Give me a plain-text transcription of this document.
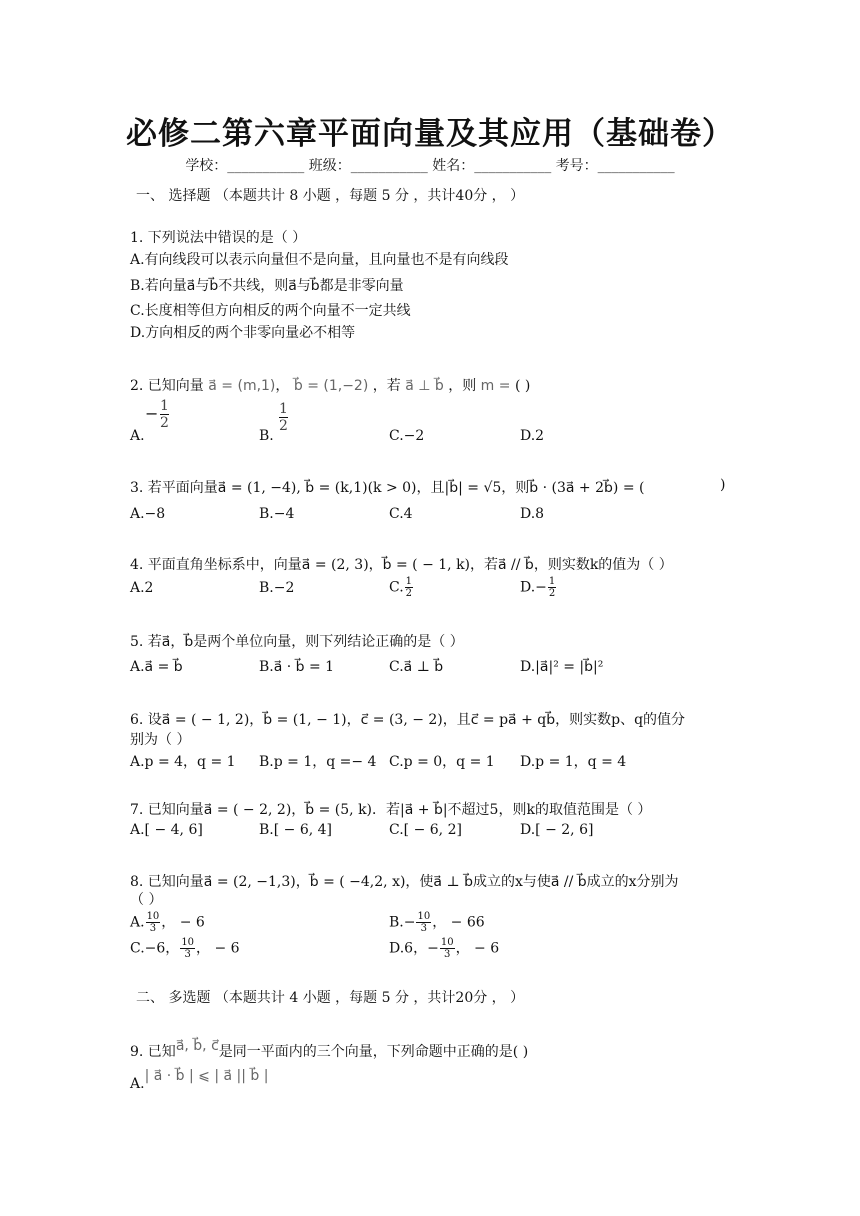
必修二第六章平面向量及其应用（基础卷）
学校：___________ 班级：___________ 姓名：___________ 考号：___________
一、 选择题 （本题共计 8 小题 ，每题 5 分 ，共计40分 ， ）
1. 下列说法中错误的是（ ）
A.有向线段可以表示向量但不是向量，且向量也不是有向线段
B.若向量a⃗与b⃗不共线，则a⃗与b⃗都是非零向量
C.长度相等但方向相反的两个向量不一定共线
D.方向相反的两个非零向量必不相等
2. 已知向量 a⃗ = (m,1)， b⃗ = (1,−2) ，若 a⃗ ⊥ b⃗ ，则 m = ( )
A.
− $\frac{1}{2}$
B.
$\frac{1}{2}$
C.−2	D.2
3. 若平面向量a⃗ = (1, −4), b⃗ = (k,1)(k > 0)，且|b⃗| = √5，则b⃗ · (3a⃗ + 2b⃗) = (	)
A.−8	B.−4	C.4	D.8
4. 平面直角坐标系中，向量a⃗ = (2, 3)，b⃗ = ( − 1, k)，若a⃗ // b⃗，则实数k的值为（ ）
A.2	B.−2	C. $\frac{1}{2}$	$D.- \frac{1}{2}$
5. 若a⃗，b⃗是两个单位向量，则下列结论正确的是（ ）
A.a⃗ = b⃗	B.a⃗ · b⃗ = 1	C.a⃗ ⊥ b⃗	D.|a⃗|² = |b⃗|²
6. 设a⃗ = ( − 1, 2)，b⃗ = (1, − 1)，c⃗ = (3, − 2)，且c⃗ = pa⃗ + qb⃗，则实数p、q的值分
别为（ ）
A.p = 4，q = 1 B.p = 1，q =− 4 C.p = 0，q = 1 D.p = 1，q = 4
7. 已知向量a⃗ = ( − 2, 2)，b⃗ = (5, k)．若|a⃗ + b⃗|不超过5，则k的取值范围是（ ）
A.[ − 4, 6]	B.[ − 6, 4]	C.[ − 6, 2]	D.[ − 2, 6]
8. 已知向量a⃗ = (2, −1,3)，b⃗ = ( −4,2, x)，使a⃗ ⊥ b⃗成立的x与使a⃗ // b⃗成立的x分别为
（ ）
A. $\frac{10}{3}$ ， − 6	$B.- \frac{10}{3}$ ， − 66
C.−6， $\frac{10}{3}$ ， − 6	D.6，− $\frac{10}{3}$ ， − 6
二、 多选题 （本题共计 4 小题 ，每题 5 分 ，共计20分 ， ）
9. 已知a⃗, b⃗, c⃗是同一平面内的三个向量，下列命题中正确的是( )
A.| a⃗ · b⃗ | ⩽ | a⃗ || b⃗ |
